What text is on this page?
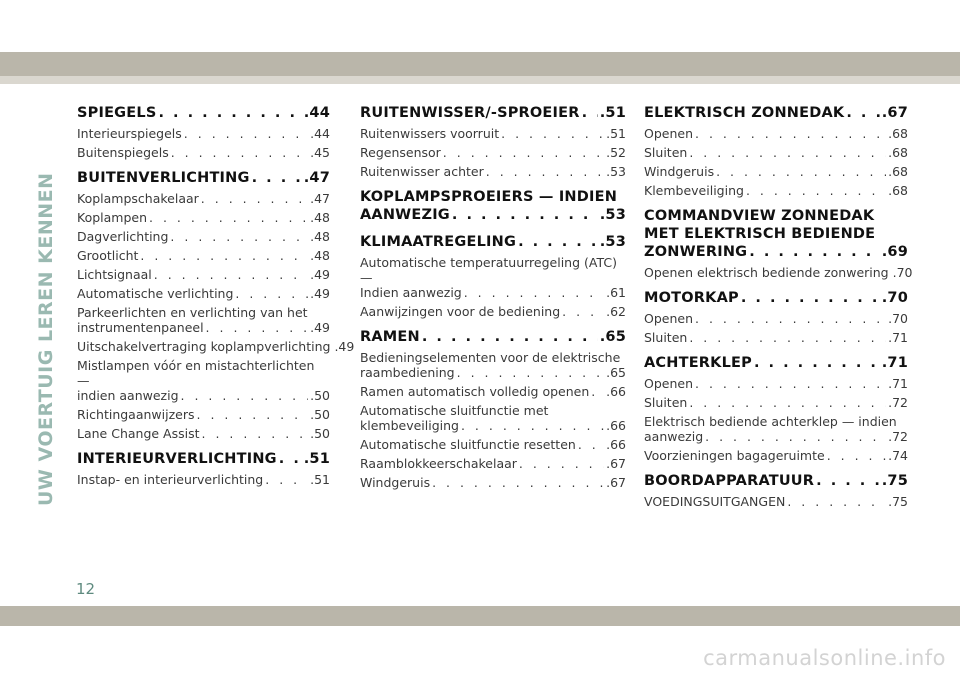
UW VOERTUIG LEREN KENNEN
SPIEGELS . . .	.44
Interieurspiegels . . .	.44
Buitenspiegels . . .	.45
BUITENVERLICHTING . . .	.47
Koplampschakelaar . . .	.47
Koplampen . . .	.48
Dagverlichting . . .	.48
Grootlicht . . .	.48
Lichtsignaal . . .	.49
Automatische verlichting . . .	.49
Parkeerlichten en verlichting van het
instrumentenpaneel . . .	.49
Uitschakelvertraging koplampverlichting .49
Mistlampen vóór en mistachterlichten —
indien aanwezig . . .	.50
Richtingaanwijzers . . .	.50
Lane Change Assist . . .	.50
INTERIEURVERLICHTING . . . .51
Instap- en interieurverlichting . . .	.51
RUITENWISSER/-SPROEIER . . . .51
Ruitenwissers voorruit . . .	.51
Regensensor . . .	.52
Ruitenwisser achter . . .	.53
KOPLAMPSPROEIERS — INDIEN
AANWEZIG . . .	.53
KLIMAATREGELING . . .	.53
Automatische temperatuurregeling (ATC) —
Indien aanwezig . . .	.61
Aanwijzingen voor de bediening . . .	.62
RAMEN . . .	.65
Bedieningselementen voor de elektrische
raambediening . . .	.65
Ramen automatisch volledig openen . . . .66
Automatische sluitfunctie met
klembeveiliging . . .	.66
Automatische sluitfunctie resetten . . . .66
Raamblokkeerschakelaar . . .	.67
Windgeruis . . .	.67
ELEKTRISCH ZONNEDAK . . .	.67
Openen . . .	.68
Sluiten . . .	.68
Windgeruis . . .	.68
Klembeveiliging . . .	.68
COMMANDVIEW ZONNEDAK
MET ELEKTRISCH BEDIENDE
ZONWERING . . .	.69
Openen elektrisch bediende zonwering .70
MOTORKAP . . .	.70
Openen . . .	.70
Sluiten . . .	.71
ACHTERKLEP . . .	.71
Openen . . .	.71
Sluiten . . .	.72
Elektrisch bediende achterklep — indien
aanwezig . . .	.72
Voorzieningen bagageruimte . . .	.74
BOORDAPPARATUUR . . .	.75
VOEDINGSUITGANGEN . . .	.75
12
carmanualsonline.info
